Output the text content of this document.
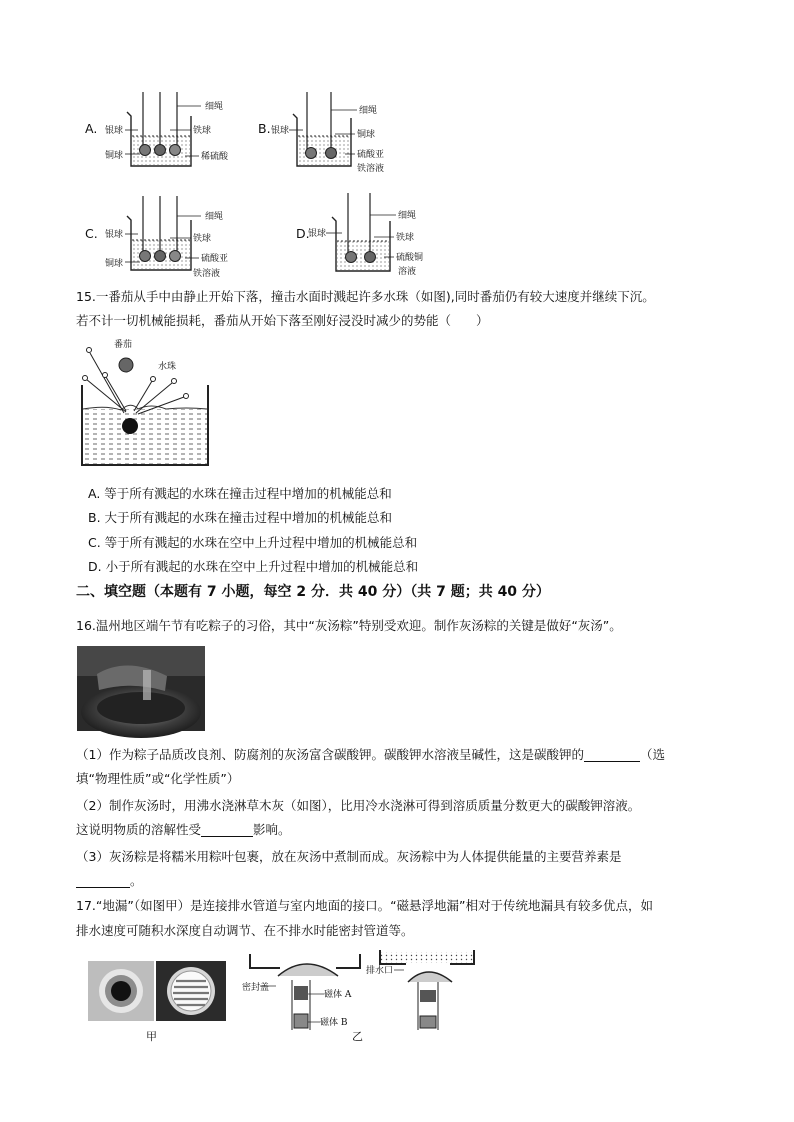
A.
细绳
银球	铁球
铜球	稀硫酸
B.
细绳
银球	铜球
硫酸亚
铁溶液
C.
细绳
银球	铁球
铜球	硫酸亚
铁溶液
D.
细绳
银球	铁球
硫酸铜
溶液
15.一番茄从手中由静止开始下落，撞击水面时溅起许多水珠（如图),同时番茄仍有较大速度并继续下沉。
若不计一切机械能损耗，番茄从开始下落至刚好浸没时减少的势能（　　）
番茄
水珠
A. 等于所有溅起的水珠在撞击过程中增加的机械能总和
B. 大于所有溅起的水珠在撞击过程中增加的机械能总和
C. 等于所有溅起的水珠在空中上升过程中增加的机械能总和
D. 小于所有溅起的水珠在空中上升过程中增加的机械能总和
二、填空题（本题有 7 小题，每空 2 分．共 40 分）（共 7 题；共 40 分）
16.温州地区端午节有吃粽子的习俗，其中“灰汤粽”特别受欢迎。制作灰汤粽的关键是做好“灰汤”。
（1）作为粽子品质改良剂、防腐剂的灰汤富含碳酸钾。碳酸钾水溶液呈碱性，这是碳酸钾的	（选
填“物理性质”或“化学性质”）
（2）制作灰汤时，用沸水浇淋草木灰（如图），比用冷水浇淋可得到溶质质量分数更大的碳酸钾溶液。
这说明物质的溶解性受	影响。
（3）灰汤粽是将糯米用粽叶包裹，放在灰汤中煮制而成。灰汤粽中为人体提供能量的主要营养素是
。
17.“地漏”（如图甲）是连接排水管道与室内地面的接口。“磁悬浮地漏”相对于传统地漏具有较多优点，如
排水速度可随积水深度自动调节、在不排水时能密封管道等。
甲
密封盖
磁体 A
磁体 B
排水口
乙
